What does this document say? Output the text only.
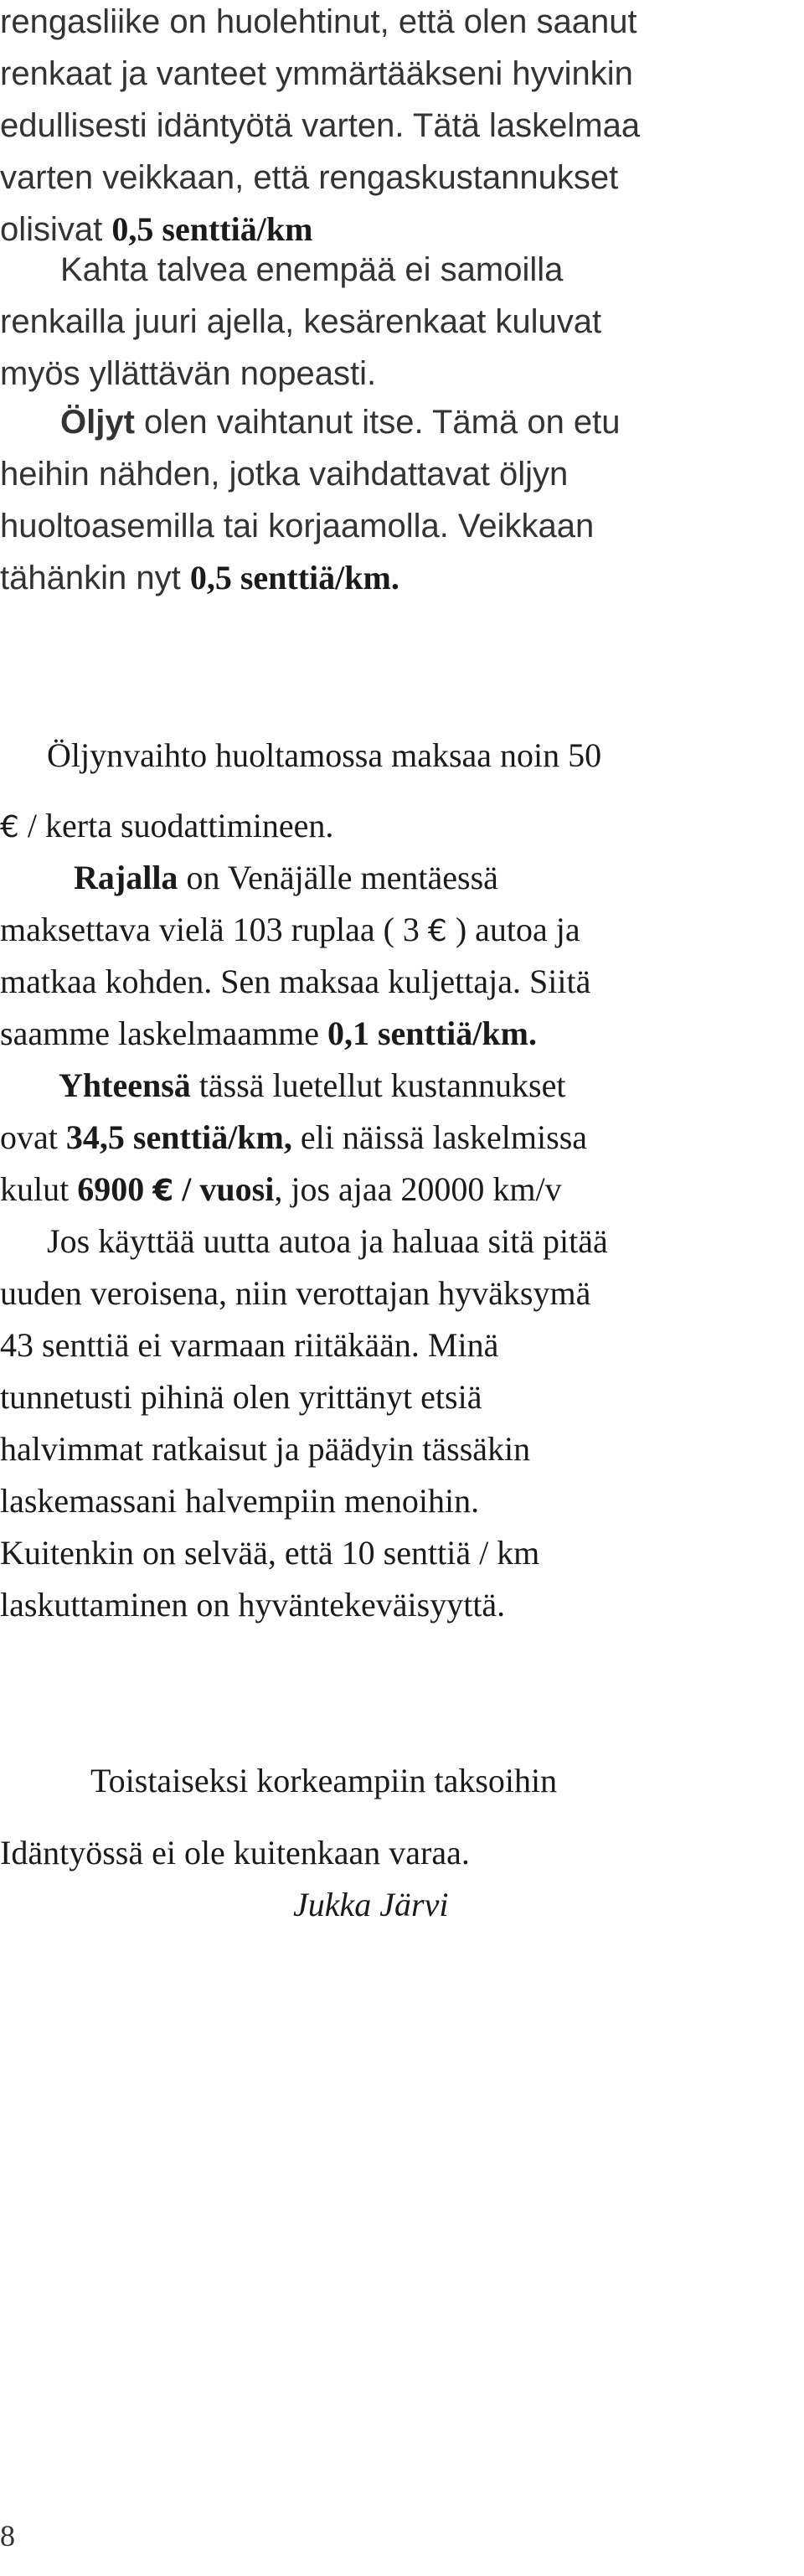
rengasliike on huolehtinut, että olen saanut

renkaat ja vanteet ymmärtääkseni hyvinkin

edullisesti idäntyötä varten. Tätä laskelmaa

varten veikkaan, että rengaskustannukset

olisivat 0,5 senttiä/km

Kahta talvea enempää ei samoilla

renkailla juuri ajella, kesärenkaat kuluvat

myös yllättävän nopeasti.

Öljyt olen vaihtanut itse. Tämä on etu

heihin nähden, jotka vaihdattavat öljyn

huoltoasemilla tai korjaamolla. Veikkaan

tähänkin nyt 0,5 senttiä/km.

Öljynvaihto huoltamossa maksaa noin 50

€ / kerta suodattimineen.

Rajalla on Venäjälle mentäessä

maksettava vielä 103 ruplaa ( 3 € ) autoa ja

matkaa kohden. Sen maksaa kuljettaja. Siitä

saamme laskelmaamme 0,1 senttiä/km.

Yhteensä tässä luetellut kustannukset

ovat 34,5 senttiä/km, eli näissä laskelmissa

kulut 6900 € / vuosi, jos ajaa 20000 km/v

Jos käyttää uutta autoa ja haluaa sitä pitää

uuden veroisena, niin verottajan hyväksymä

43 senttiä ei varmaan riitäkään. Minä

tunnetusti pihinä olen yrittänyt etsiä

halvimmat ratkaisut ja päädyin tässäkin

laskemassani halvempiin menoihin.

Kuitenkin on selvää, että 10 senttiä / km

laskuttaminen on hyväntekeväisyyttä.

Toistaiseksi korkeampiin taksoihin

Idäntyössä ei ole kuitenkaan varaa.

Jukka Järvi

8
